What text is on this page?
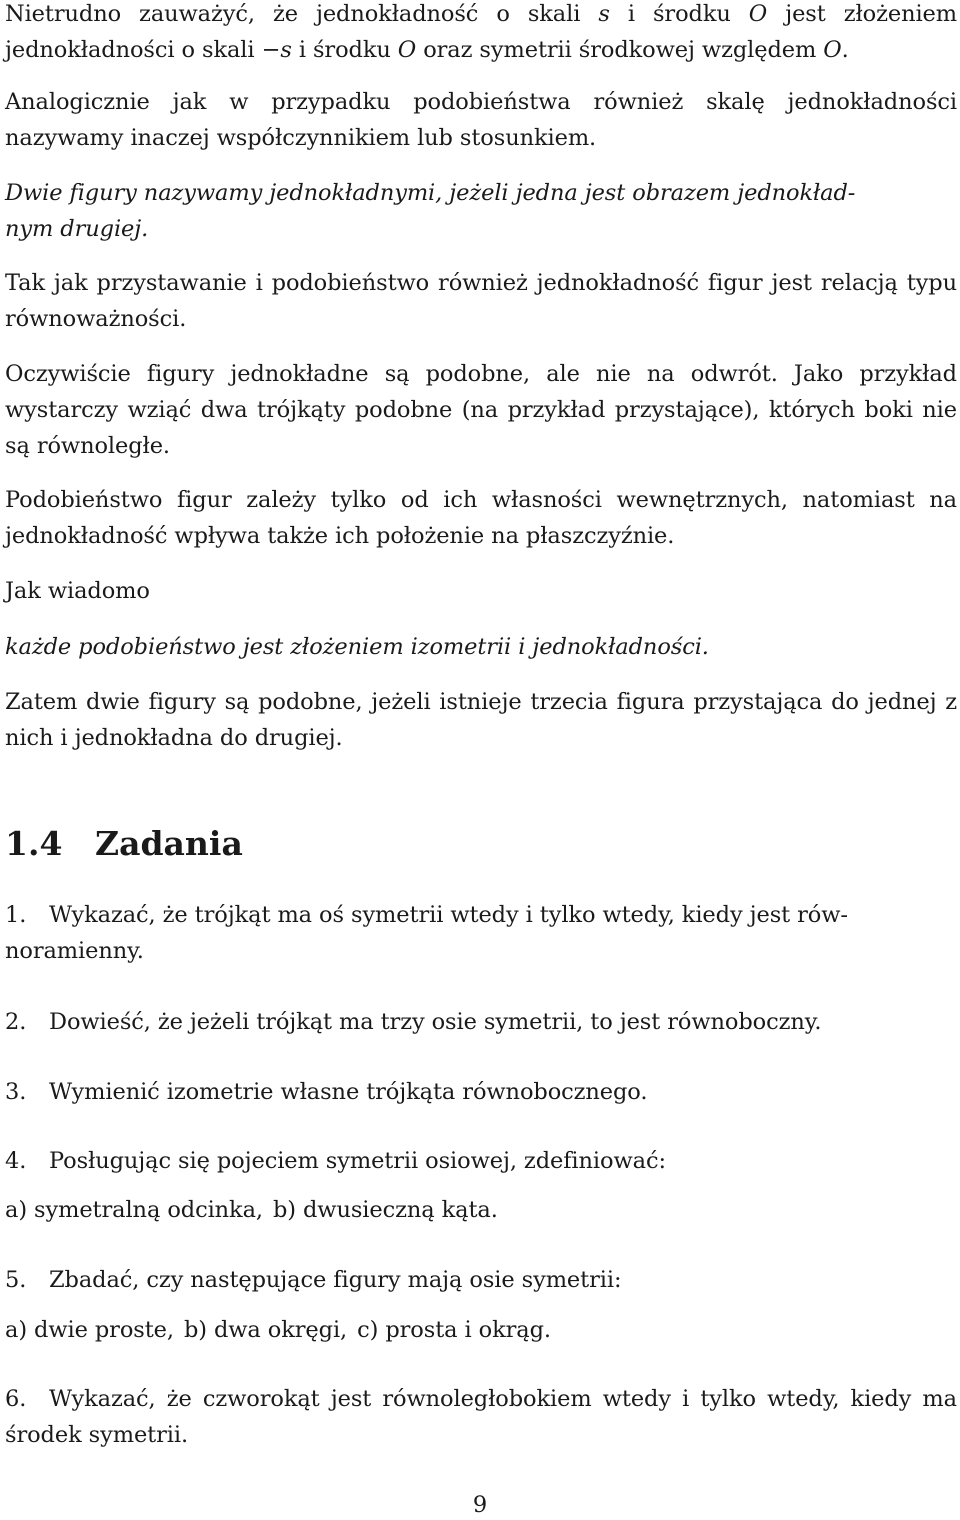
Nietrudno zauważyć, że jednokładność o skali s i środku O jest złożeniem jednokładności o skali −s i środku O oraz symetrii środkowej względem O.

Analogicznie jak w przypadku podobieństwa również skalę jednokładności nazywamy inaczej współczynnikiem lub stosunkiem.

Dwie figury nazywamy jednokładnymi, jeżeli jedna jest obrazem jednokład-
nym drugiej.

Tak jak przystawanie i podobieństwo również jednokładność figur jest relacją typu równoważności.

Oczywiście figury jednokładne są podobne, ale nie na odwrót. Jako przykład wystarczy wziąć dwa trójkąty podobne (na przykład przystające), których boki nie są równoległe.

Podobieństwo figur zależy tylko od ich własności wewnętrznych, natomiast na jednokładność wpływa także ich położenie na płaszczyźnie.

Jak wiadomo

każde podobieństwo jest złożeniem izometrii i jednokładności.

Zatem dwie figury są podobne, jeżeli istnieje trzecia figura przystająca do jednej z nich i jednokładna do drugiej.

1.4 Zadania

1. Wykazać, że trójkąt ma oś symetrii wtedy i tylko wtedy, kiedy jest rów-
noramienny.

2. Dowieść, że jeżeli trójkąt ma trzy osie symetrii, to jest równoboczny.

3. Wymienić izometrie własne trójkąta równobocznego.

4. Posługując się pojeciem symetrii osiowej, zdefiniować:

a) symetralną odcinka, b) dwusieczną kąta.

5. Zbadać, czy następujące figury mają osie symetrii:

a) dwie proste, b) dwa okręgi, c) prosta i okrąg.

6. Wykazać, że czworokąt jest równoległobokiem wtedy i tylko wtedy, kiedy ma środek symetrii.

9
